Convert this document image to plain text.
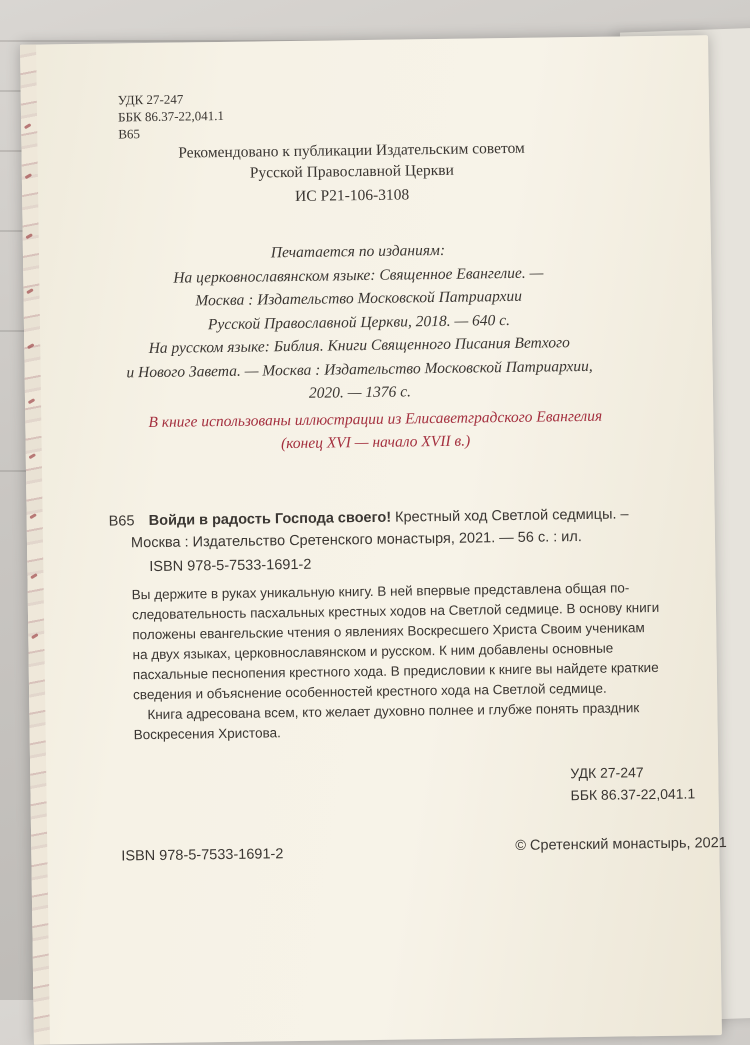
УДК 27-247
ББК 86.37-22,041.1
В65
Рекомендовано к публикации Издательским советом
Русской Православной Церкви
ИС Р21-106-3108
Печатается по изданиям:
На церковнославянском языке: Священное Евангелие. —
Москва : Издательство Московской Патриархии
Русской Православной Церкви, 2018. — 640 с.
На русском языке: Библия. Книги Священного Писания Ветхого
и Нового Завета. — Москва : Издательство Московской Патриархии,
2020. — 1376 с.
В книге использованы иллюстрации из Елисаветградского Евангелия
(конец XVI — начало XVII в.)
В65 Войди в радость Господа своего! Крестный ход Светлой седмицы. –
Москва : Издательство Сретенского монастыря, 2021. — 56 с. : ил.
ISBN 978-5-7533-1691-2
Вы держите в руках уникальную книгу. В ней впервые представлена общая по-
следовательность пасхальных крестных ходов на Светлой седмице. В основу книги
положены евангельские чтения о явлениях Воскресшего Христа Своим ученикам
на двух языках, церковнославянском и русском. К ним добавлены основные
пасхальные песнопения крестного хода. В предисловии к книге вы найдете краткие
сведения и объяснение особенностей крестного хода на Светлой седмице.
Книга адресована всем, кто желает духовно полнее и глубже понять праздник
Воскресения Христова.
УДК 27-247
ББК 86.37-22,041.1
ISBN 978-5-7533-1691-2
© Сретенский монастырь, 2021
